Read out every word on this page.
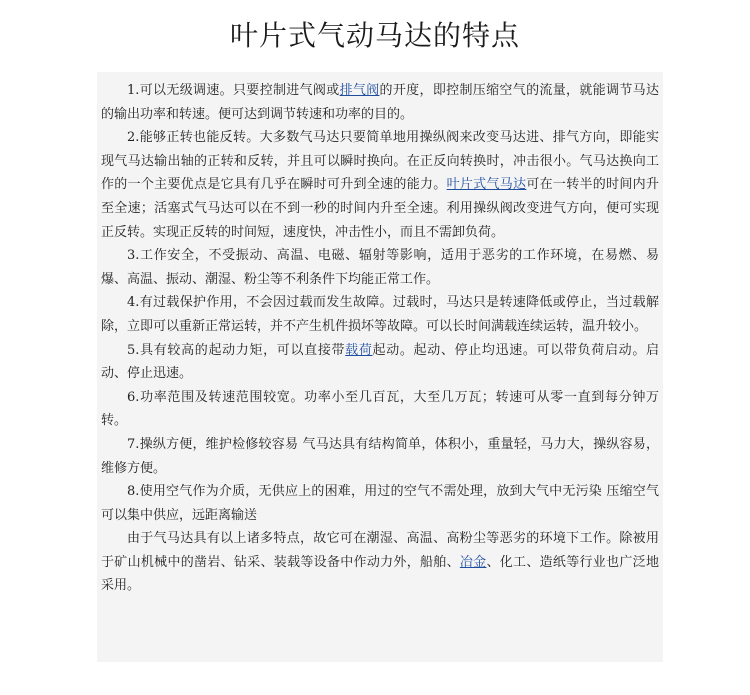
叶片式气动马达的特点

1.可以无级调速。只要控制进气阀或排气阀的开度，即控制压缩空气的流量，就能调节马达的输出功率和转速。便可达到调节转速和功率的目的。

2.能够正转也能反转。大多数气马达只要简单地用操纵阀来改变马达进、排气方向，即能实现气马达输出轴的正转和反转，并且可以瞬时换向。在正反向转换时，冲击很小。气马达换向工作的一个主要优点是它具有几乎在瞬时可升到全速的能力。叶片式气马达可在一转半的时间内升至全速；活塞式气马达可以在不到一秒的时间内升至全速。利用操纵阀改变进气方向，便可实现正反转。实现正反转的时间短，速度快，冲击性小，而且不需卸负荷。

3.工作安全，不受振动、高温、电磁、辐射等影响，适用于恶劣的工作环境，在易燃、易爆、高温、振动、潮湿、粉尘等不利条件下均能正常工作。

4.有过载保护作用，不会因过载而发生故障。过载时，马达只是转速降低或停止，当过载解除，立即可以重新正常运转，并不产生机件损坏等故障。可以长时间满载连续运转，温升较小。

5.具有较高的起动力矩，可以直接带载荷起动。起动、停止均迅速。可以带负荷启动。启动、停止迅速。

6.功率范围及转速范围较宽。功率小至几百瓦，大至几万瓦；转速可从零一直到每分钟万转。

7.操纵方便，维护检修较容易 气马达具有结构简单，体积小，重量轻，马力大，操纵容易，维修方便。

8.使用空气作为介质，无供应上的困难，用过的空气不需处理，放到大气中无污染 压缩空气可以集中供应，远距离输送

由于气马达具有以上诸多特点，故它可在潮湿、高温、高粉尘等恶劣的环境下工作。除被用于矿山机械中的凿岩、钻采、装载等设备中作动力外，船舶、冶金、化工、造纸等行业也广泛地采用。
